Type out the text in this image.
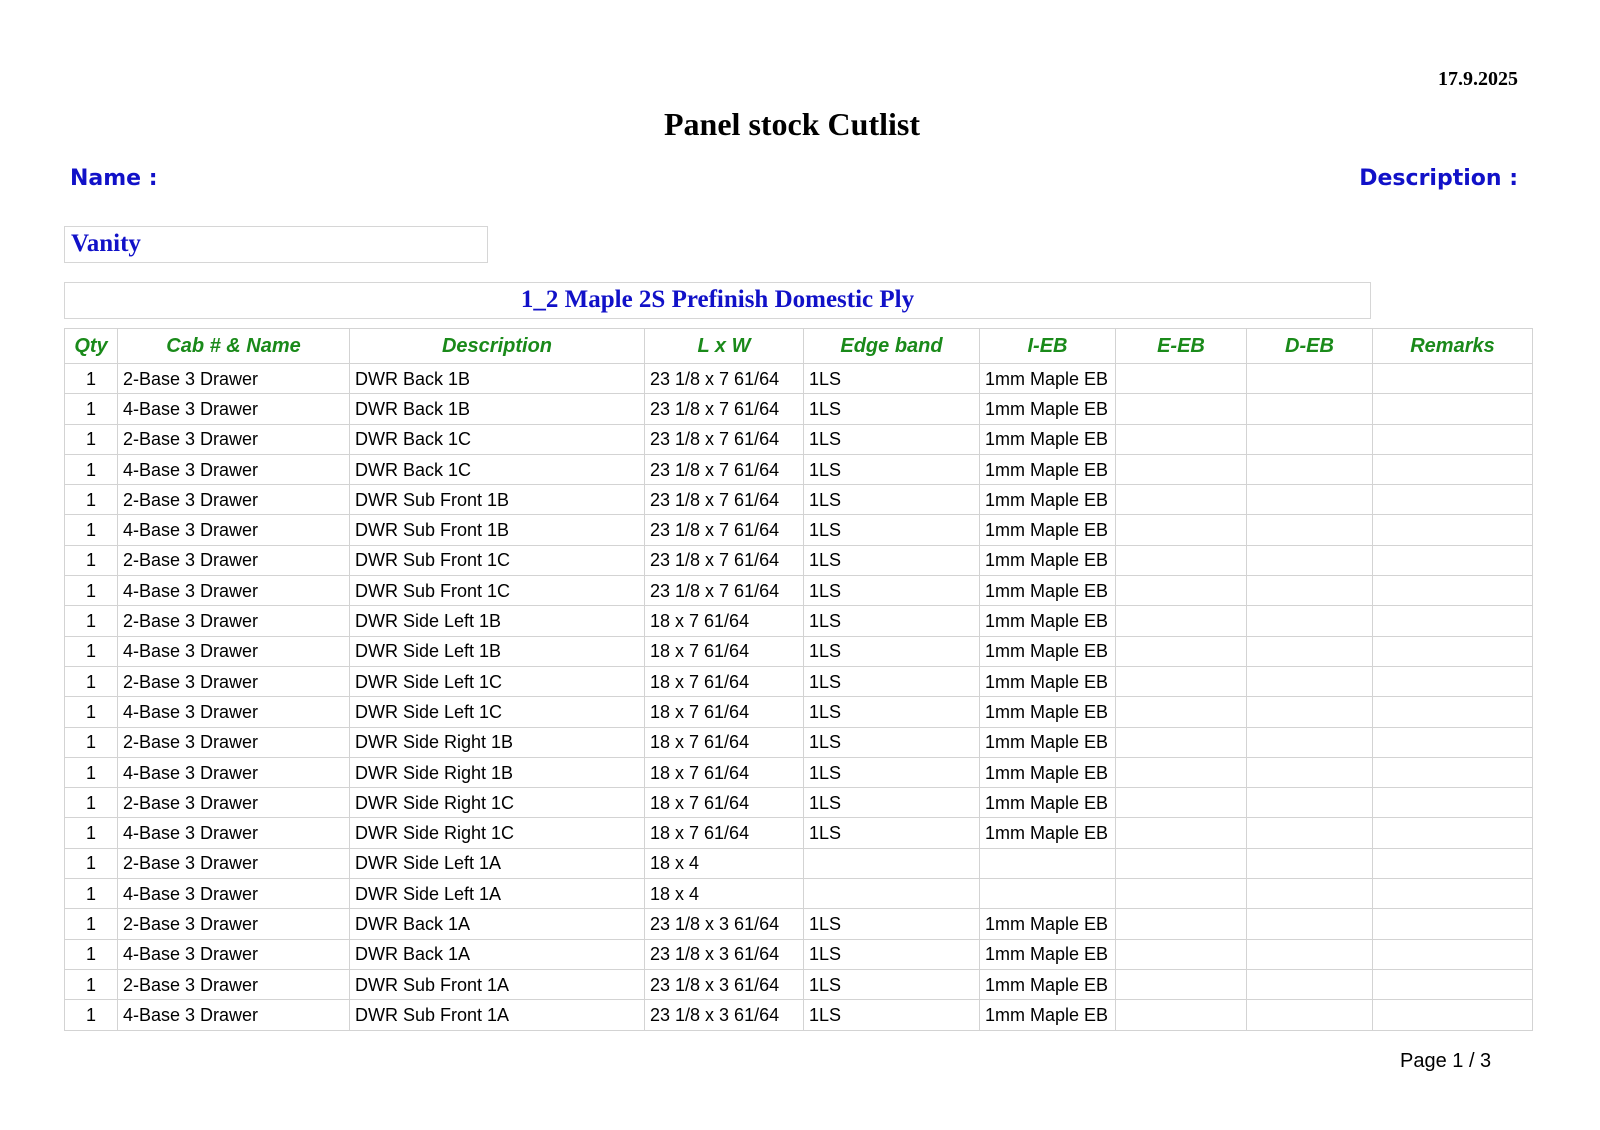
17.9.2025
Panel stock Cutlist
Name :	Description :
Vanity
1_2 Maple 2S Prefinish Domestic Ply
Qty	Cab # & Name	Description	L x W	Edge band	I-EB	E-EB	D-EB	Remarks
1	2-Base 3 Drawer	DWR Back 1B	23 1/8 x 7 61/64	1LS	1mm Maple EB			
1	4-Base 3 Drawer	DWR Back 1B	23 1/8 x 7 61/64	1LS	1mm Maple EB			
1	2-Base 3 Drawer	DWR Back 1C	23 1/8 x 7 61/64	1LS	1mm Maple EB			
1	4-Base 3 Drawer	DWR Back 1C	23 1/8 x 7 61/64	1LS	1mm Maple EB			
1	2-Base 3 Drawer	DWR Sub Front 1B	23 1/8 x 7 61/64	1LS	1mm Maple EB			
1	4-Base 3 Drawer	DWR Sub Front 1B	23 1/8 x 7 61/64	1LS	1mm Maple EB			
1	2-Base 3 Drawer	DWR Sub Front 1C	23 1/8 x 7 61/64	1LS	1mm Maple EB			
1	4-Base 3 Drawer	DWR Sub Front 1C	23 1/8 x 7 61/64	1LS	1mm Maple EB			
1	2-Base 3 Drawer	DWR Side Left 1B	18 x 7 61/64	1LS	1mm Maple EB			
1	4-Base 3 Drawer	DWR Side Left 1B	18 x 7 61/64	1LS	1mm Maple EB			
1	2-Base 3 Drawer	DWR Side Left 1C	18 x 7 61/64	1LS	1mm Maple EB			
1	4-Base 3 Drawer	DWR Side Left 1C	18 x 7 61/64	1LS	1mm Maple EB			
1	2-Base 3 Drawer	DWR Side Right 1B	18 x 7 61/64	1LS	1mm Maple EB			
1	4-Base 3 Drawer	DWR Side Right 1B	18 x 7 61/64	1LS	1mm Maple EB			
1	2-Base 3 Drawer	DWR Side Right 1C	18 x 7 61/64	1LS	1mm Maple EB			
1	4-Base 3 Drawer	DWR Side Right 1C	18 x 7 61/64	1LS	1mm Maple EB			
1	2-Base 3 Drawer	DWR Side Left 1A	18 x 4					
1	4-Base 3 Drawer	DWR Side Left 1A	18 x 4					
1	2-Base 3 Drawer	DWR Back 1A	23 1/8 x 3 61/64	1LS	1mm Maple EB			
1	4-Base 3 Drawer	DWR Back 1A	23 1/8 x 3 61/64	1LS	1mm Maple EB			
1	2-Base 3 Drawer	DWR Sub Front 1A	23 1/8 x 3 61/64	1LS	1mm Maple EB			
1	4-Base 3 Drawer	DWR Sub Front 1A	23 1/8 x 3 61/64	1LS	1mm Maple EB			
Page 1 / 3
